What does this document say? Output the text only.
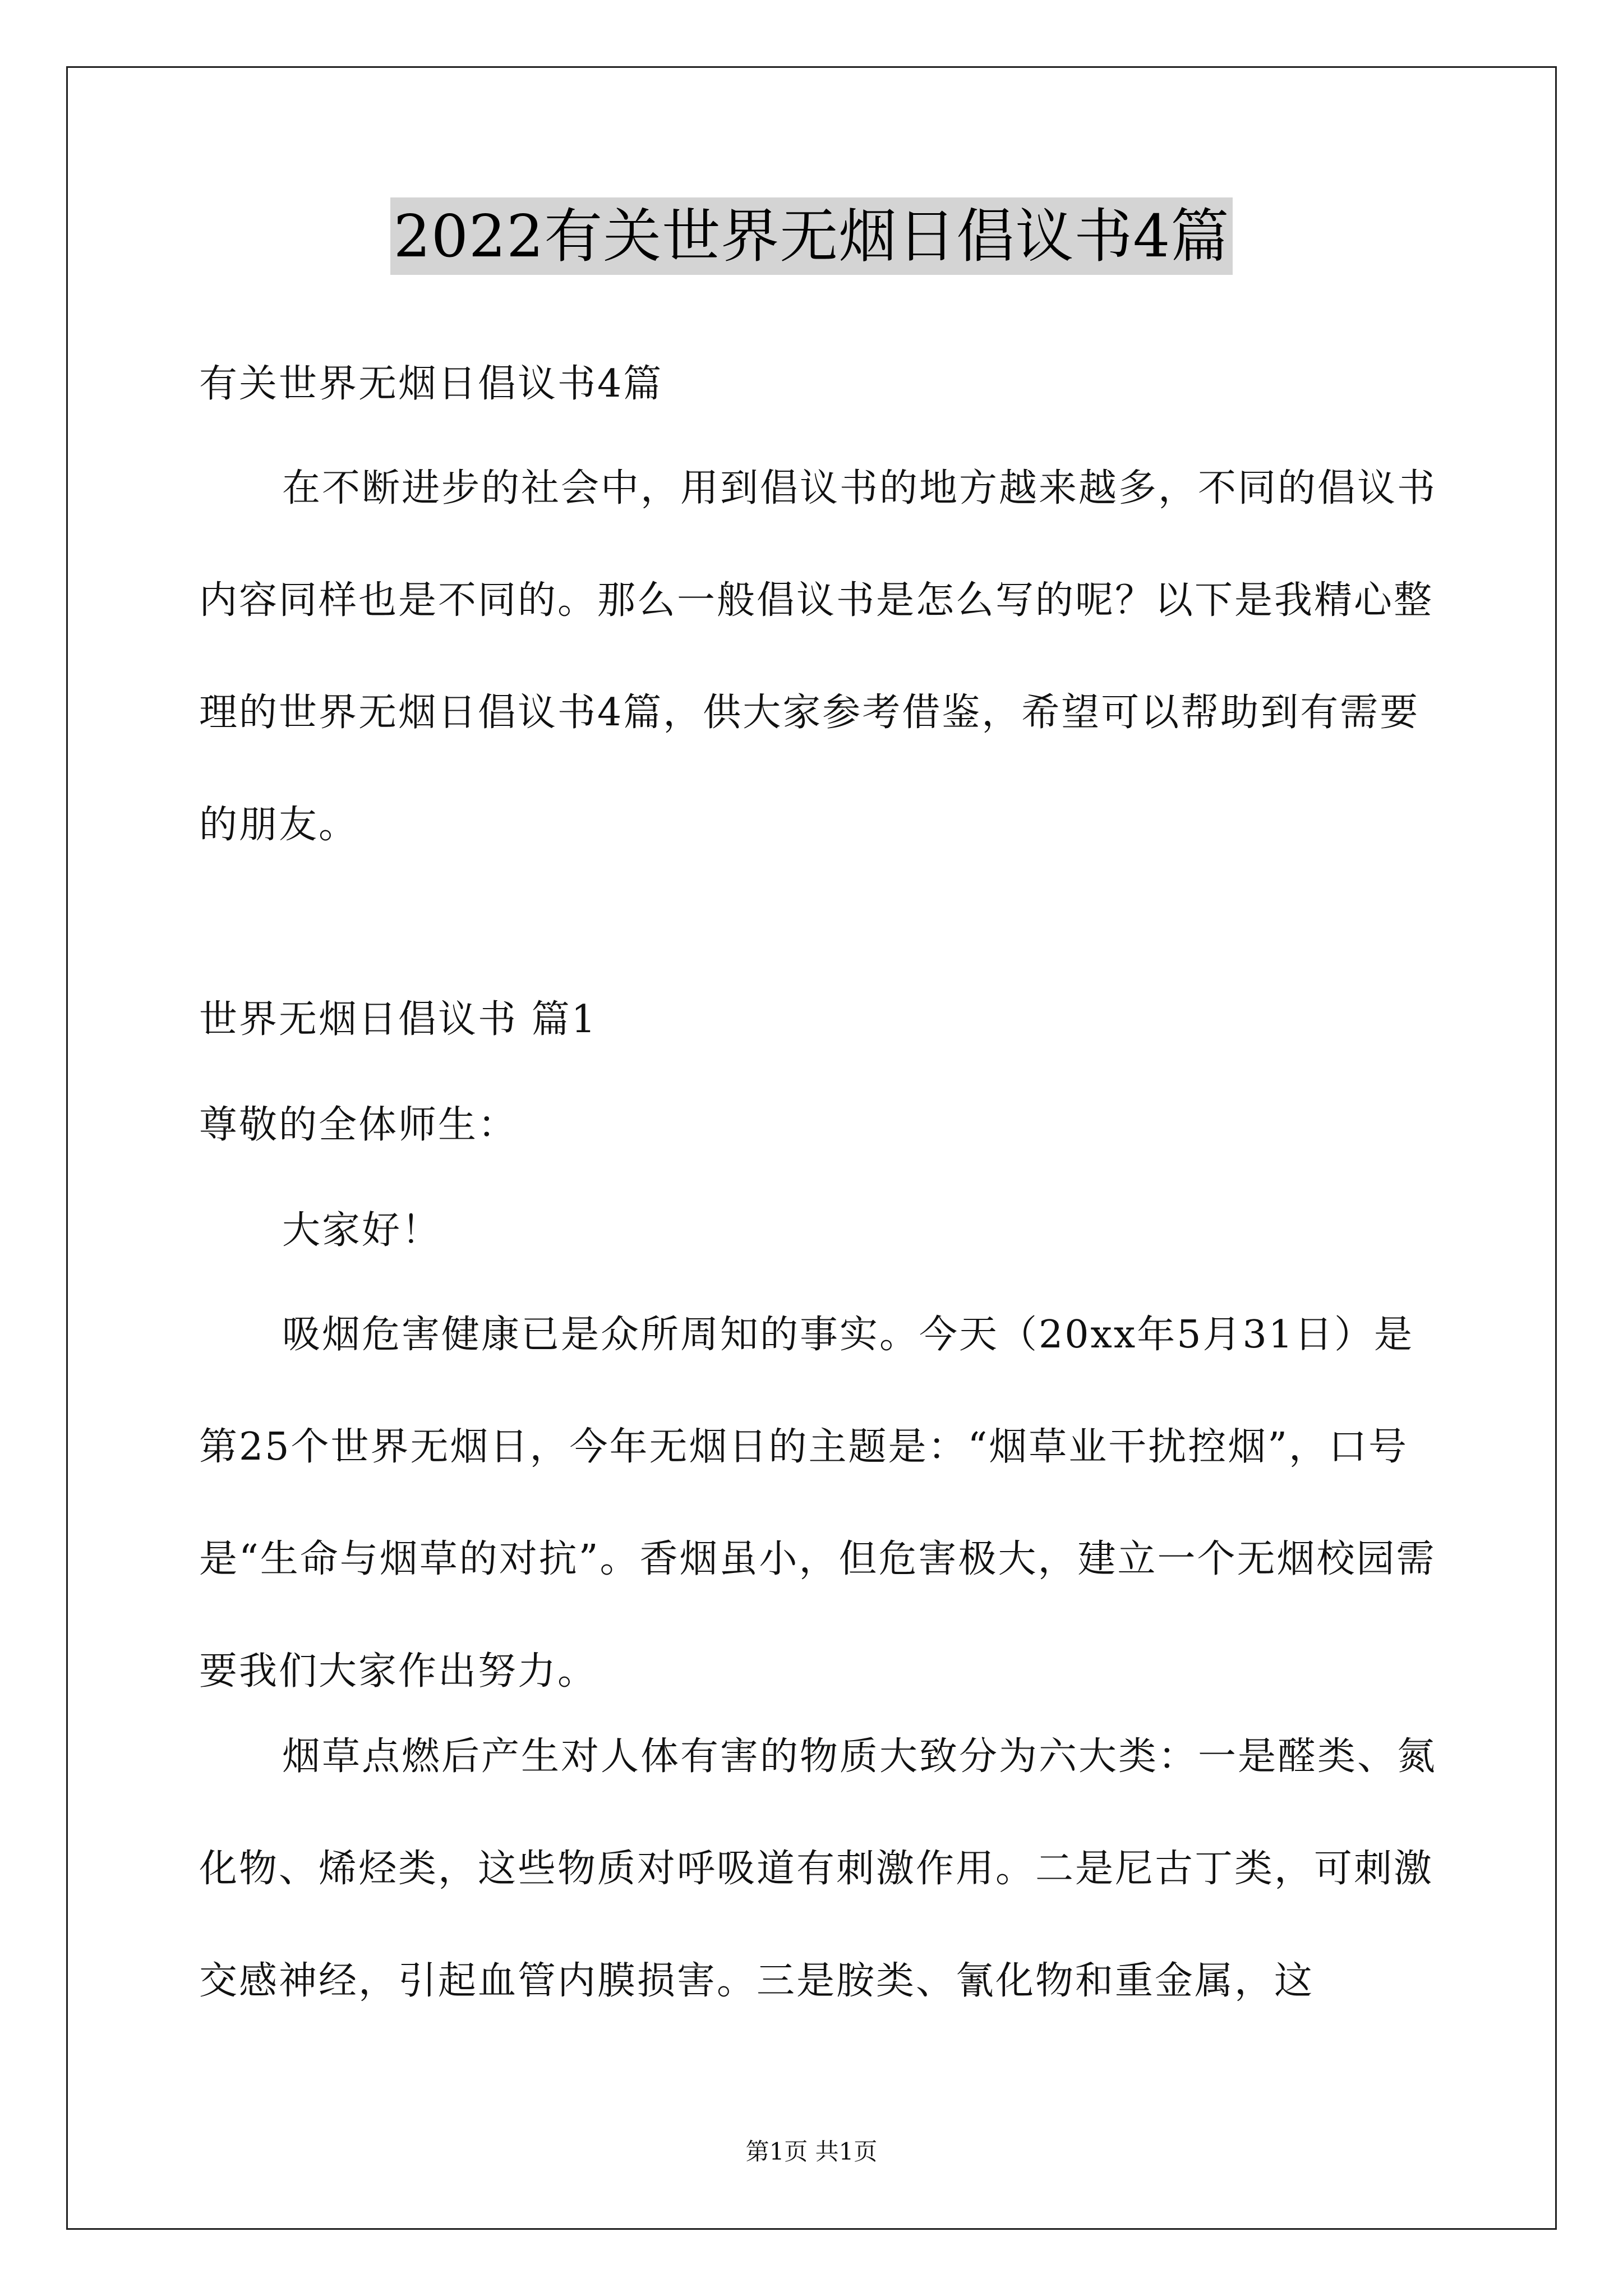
2022有关世界无烟日倡议书4篇

有关世界无烟日倡议书4篇

在不断进步的社会中，用到倡议书的地方越来越多，不同的倡议书内容同样也是不同的。那么一般倡议书是怎么写的呢？以下是我精心整理的世界无烟日倡议书4篇，供大家参考借鉴，希望可以帮助到有需要的朋友。

世界无烟日倡议书 篇1

尊敬的全体师生：

大家好！

吸烟危害健康已是众所周知的事实。今天（20xx年5月31日）是第25个世界无烟日，今年无烟日的主题是：“烟草业干扰控烟”，口号是“生命与烟草的对抗”。香烟虽小，但危害极大，建立一个无烟校园需要我们大家作出努力。

烟草点燃后产生对人体有害的物质大致分为六大类：一是醛类、氮化物、烯烃类，这些物质对呼吸道有刺激作用。二是尼古丁类，可刺激交感神经，引起血管内膜损害。三是胺类、氰化物和重金属，这

第1页 共1页
